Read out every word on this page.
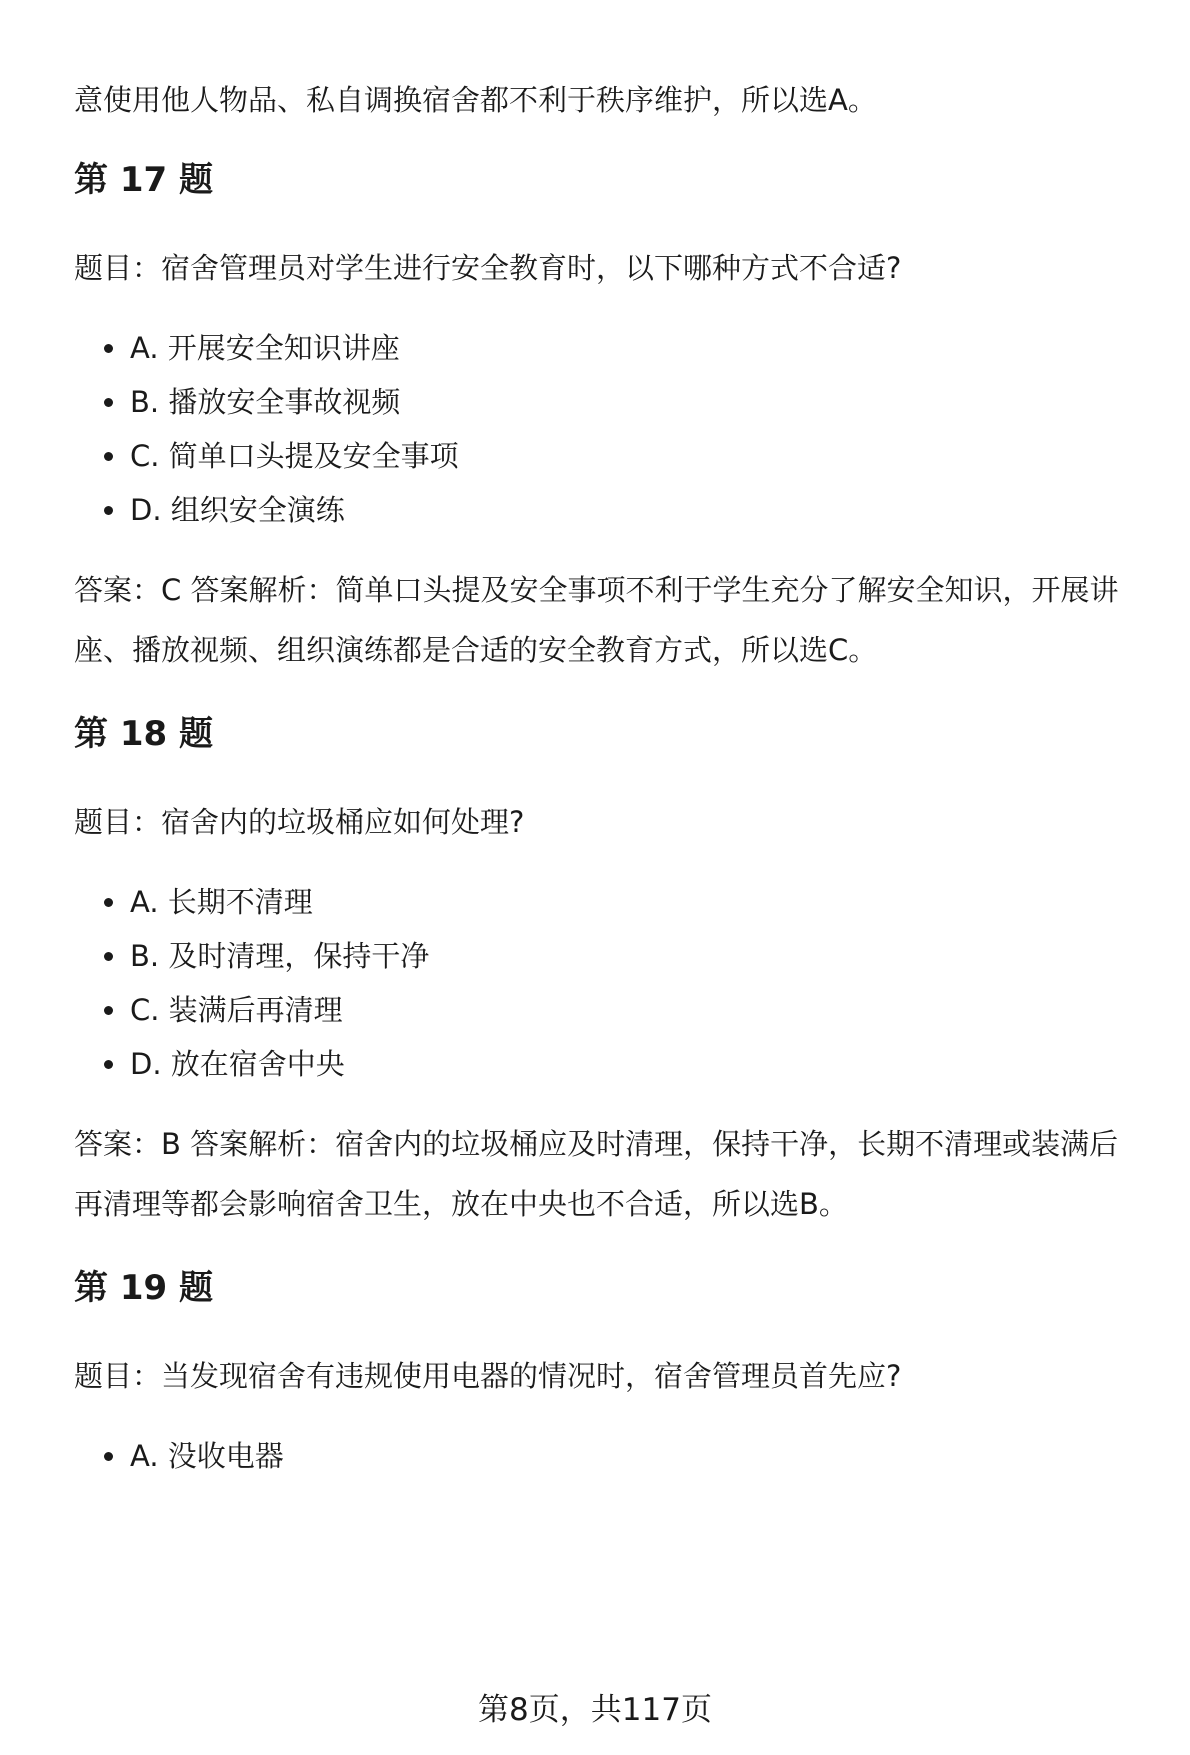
意使用他人物品、私自调换宿舍都不利于秩序维护，所以选A。

第 17 题

题目：宿舍管理员对学生进行安全教育时，以下哪种方式不合适?

A. 开展安全知识讲座
B. 播放安全事故视频
C. 简单口头提及安全事项
D. 组织安全演练

答案：C 答案解析：简单口头提及安全事项不利于学生充分了解安全知识，开展讲

座、播放视频、组织演练都是合适的安全教育方式，所以选C。

第 18 题

题目：宿舍内的垃圾桶应如何处理?

A. 长期不清理
B. 及时清理，保持干净
C. 装满后再清理
D. 放在宿舍中央

答案：B 答案解析：宿舍内的垃圾桶应及时清理，保持干净，长期不清理或装满后

再清理等都会影响宿舍卫生，放在中央也不合适，所以选B。

第 19 题

题目：当发现宿舍有违规使用电器的情况时，宿舍管理员首先应?

A. 没收电器
第8页，共117页
